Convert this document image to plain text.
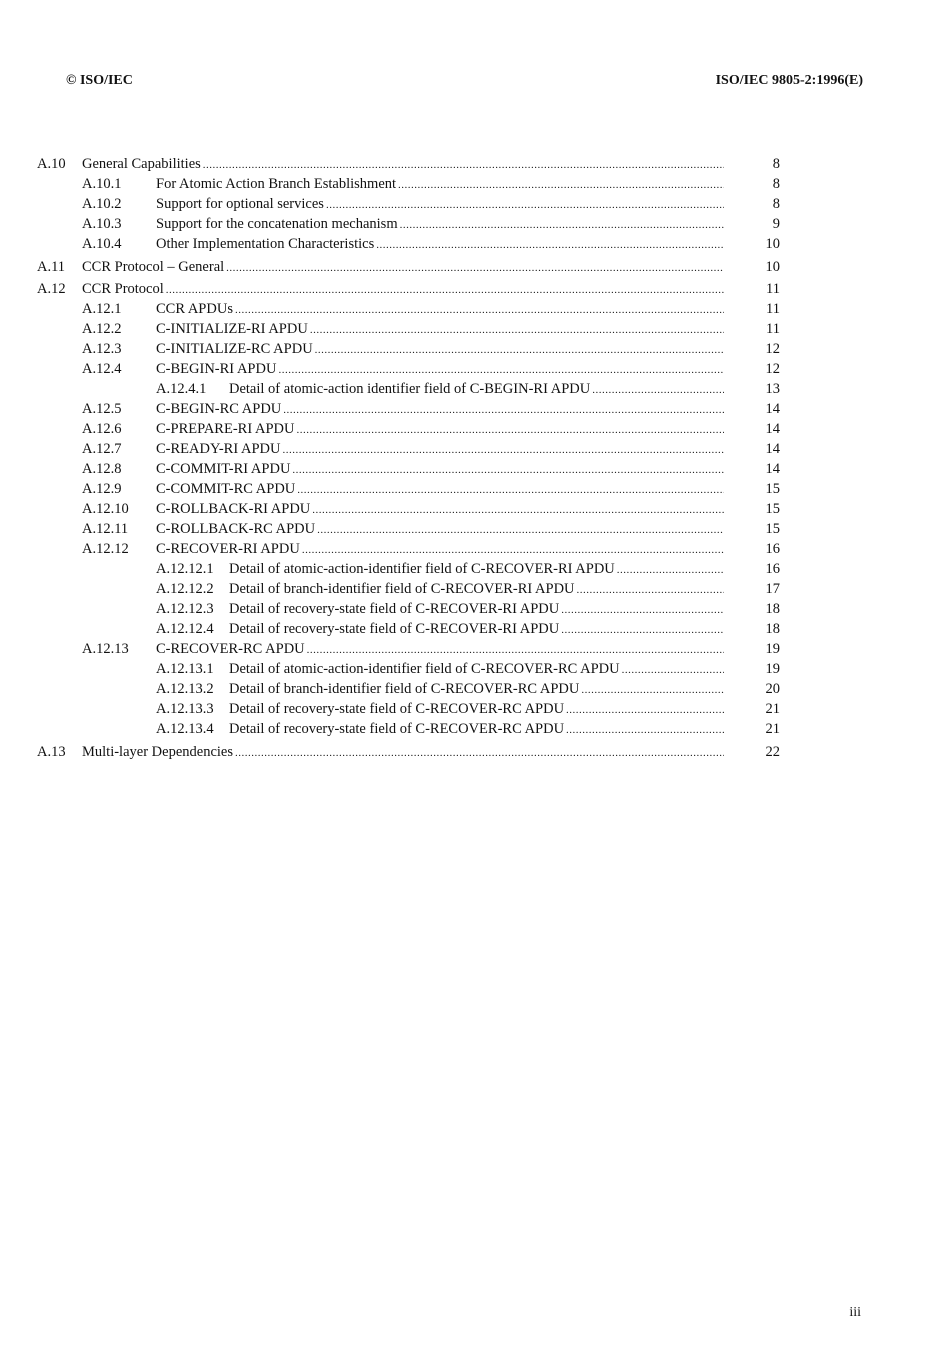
© ISO/IEC	ISO/IEC 9805-2:1996(E)
A.10 General Capabilities .....	8
A.10.1 For Atomic Action Branch Establishment .....	8
A.10.2 Support for optional services .....	8
A.10.3 Support for the concatenation mechanism .....	9
A.10.4 Other Implementation Characteristics .....	10
A.11 CCR Protocol – General .....	10
A.12 CCR Protocol .....	11
A.12.1 CCR APDUs .....	11
A.12.2 C-INITIALIZE-RI APDU .....	11
A.12.3 C-INITIALIZE-RC APDU .....	12
A.12.4 C-BEGIN-RI APDU .....	12
A.12.4.1 Detail of atomic-action identifier field of C-BEGIN-RI APDU .....	13
A.12.5 C-BEGIN-RC APDU .....	14
A.12.6 C-PREPARE-RI APDU .....	14
A.12.7 C-READY-RI APDU .....	14
A.12.8 C-COMMIT-RI APDU .....	14
A.12.9 C-COMMIT-RC APDU .....	15
A.12.10 C-ROLLBACK-RI APDU .....	15
A.12.11 C-ROLLBACK-RC APDU .....	15
A.12.12 C-RECOVER-RI APDU .....	16
A.12.12.1 Detail of atomic-action-identifier field of C-RECOVER-RI APDU .....	16
A.12.12.2 Detail of branch-identifier field of C-RECOVER-RI APDU .....	17
A.12.12.3 Detail of recovery-state field of C-RECOVER-RI APDU .....	18
A.12.12.4 Detail of recovery-state field of C-RECOVER-RI APDU .....	18
A.12.13 C-RECOVER-RC APDU .....	19
A.12.13.1 Detail of atomic-action-identifier field of C-RECOVER-RC APDU .....	19
A.12.13.2 Detail of branch-identifier field of C-RECOVER-RC APDU .....	20
A.12.13.3 Detail of recovery-state field of C-RECOVER-RC APDU .....	21
A.12.13.4 Detail of recovery-state field of C-RECOVER-RC APDU .....	21
A.13 Multi-layer Dependencies .....	22
iii
